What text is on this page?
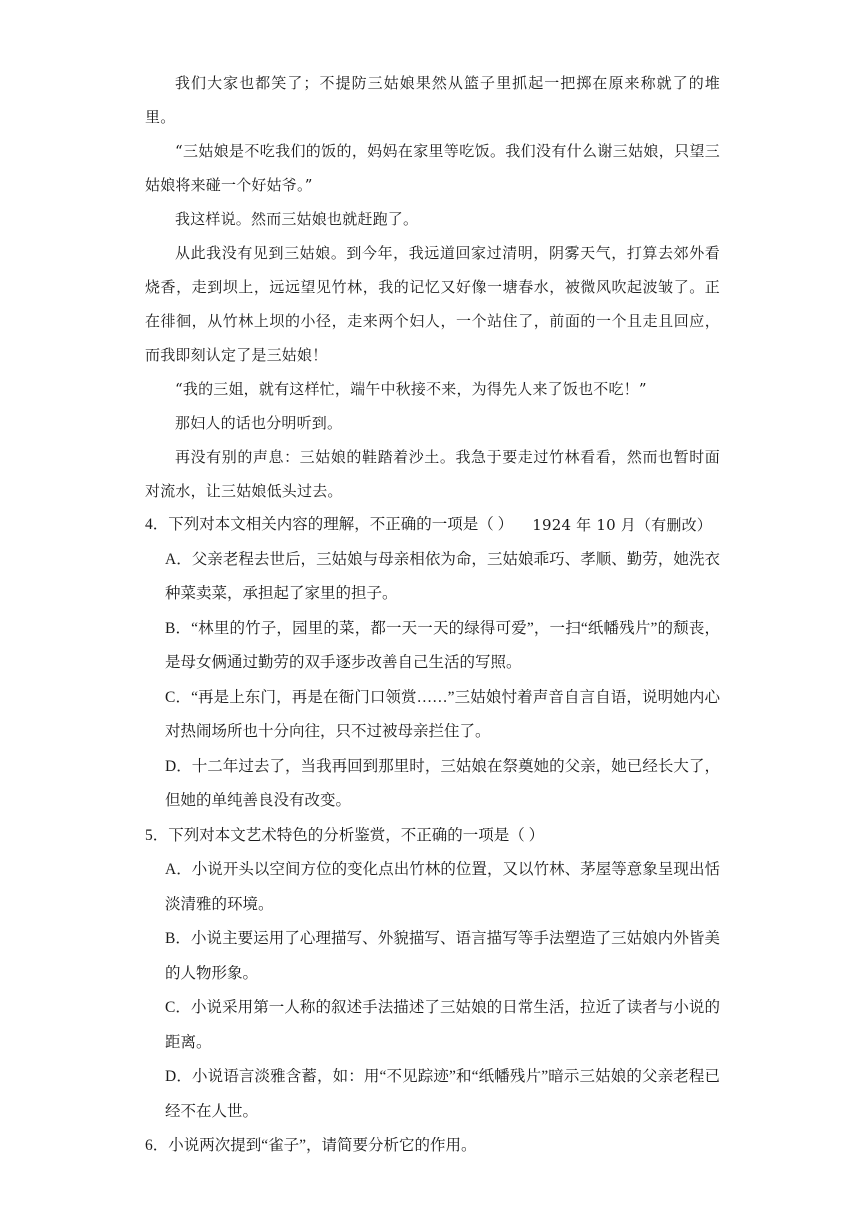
我们大家也都笑了；不提防三姑娘果然从篮子里抓起一把掷在原来称就了的堆里。

“三姑娘是不吃我们的饭的，妈妈在家里等吃饭。我们没有什么谢三姑娘，只望三姑娘将来碰一个好姑爷。”

我这样说。然而三姑娘也就赶跑了。

从此我没有见到三姑娘。到今年，我远道回家过清明，阴雾天气，打算去郊外看烧香，走到坝上，远远望见竹林，我的记忆又好像一塘春水，被微风吹起波皱了。正在徘徊，从竹林上坝的小径，走来两个妇人，一个站住了，前面的一个且走且回应，而我即刻认定了是三姑娘！

“我的三姐，就有这样忙，端午中秋接不来，为得先人来了饭也不吃！”

那妇人的话也分明听到。

再没有别的声息：三姑娘的鞋踏着沙土。我急于要走过竹林看看，然而也暂时面对流水，让三姑娘低头过去。

1924 年 10 月（有删改）

4．下列对本文相关内容的理解，不正确的一项是（ ）

A．父亲老程去世后，三姑娘与母亲相依为命，三姑娘乖巧、孝顺、勤劳，她洗衣种菜卖菜，承担起了家里的担子。

B．“林里的竹子，园里的菜，都一天一天的绿得可爱”，一扫“纸幡残片”的颓丧，是母女俩通过勤劳的双手逐步改善自己生活的写照。

C．“再是上东门，再是在衙门口领赏……”三姑娘忖着声音自言自语，说明她内心对热闹场所也十分向往，只不过被母亲拦住了。

D．十二年过去了，当我再回到那里时，三姑娘在祭奠她的父亲，她已经长大了，但她的单纯善良没有改变。

5．下列对本文艺术特色的分析鉴赏，不正确的一项是（ ）

A．小说开头以空间方位的变化点出竹林的位置，又以竹林、茅屋等意象呈现出恬淡清雅的环境。

B．小说主要运用了心理描写、外貌描写、语言描写等手法塑造了三姑娘内外皆美的人物形象。

C．小说采用第一人称的叙述手法描述了三姑娘的日常生活，拉近了读者与小说的距离。

D．小说语言淡雅含蓄，如：用“不见踪迹”和“纸幡残片”暗示三姑娘的父亲老程已经不在人世。

6．小说两次提到“雀子”，请简要分析它的作用。
